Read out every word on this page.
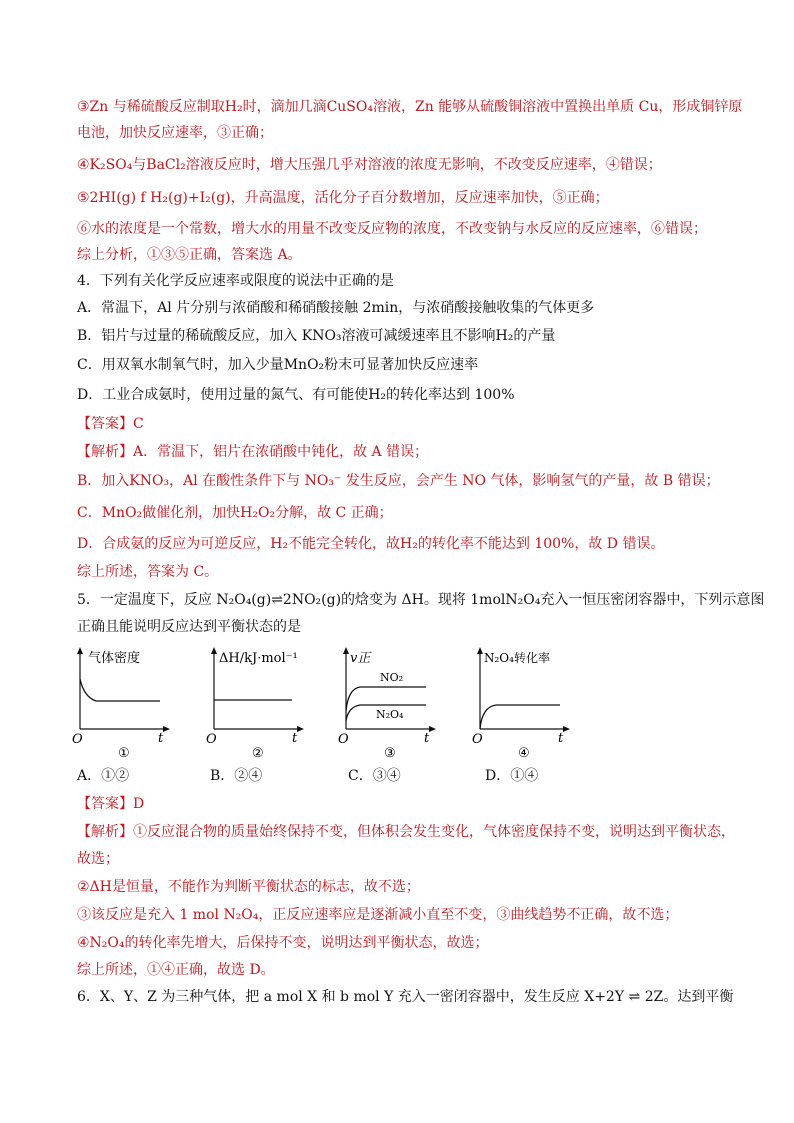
③Zn 与稀硫酸反应制取H₂时，滴加几滴CuSO₄溶液，Zn 能够从硫酸铜溶液中置换出单质 Cu，形成铜锌原
电池，加快反应速率，③正确；
④K₂SO₄与BaCl₂溶液反应时，增大压强几乎对溶液的浓度无影响，不改变反应速率，④错误；
⑤2HI(g) f H₂(g)+I₂(g)，升高温度，活化分子百分数增加，反应速率加快，⑤正确；
⑥水的浓度是一个常数，增大水的用量不改变反应物的浓度，不改变钠与水反应的反应速率，⑥错误；
综上分析，①③⑤正确，答案选 A。
4．下列有关化学反应速率或限度的说法中正确的是
A．常温下，Al 片分别与浓硝酸和稀硝酸接触 2min，与浓硝酸接触收集的气体更多
B．铝片与过量的稀硫酸反应，加入 KNO₃溶液可减缓速率且不影响H₂的产量
C．用双氧水制氧气时，加入少量MnO₂粉末可显著加快反应速率
D．工业合成氨时，使用过量的氮气、有可能使H₂的转化率达到 100%
【答案】C
【解析】A．常温下，铝片在浓硝酸中钝化，故 A 错误；
B．加入KNO₃，Al 在酸性条件下与 NO₃⁻ 发生反应，会产生 NO 气体，影响氢气的产量，故 B 错误；
C．MnO₂做催化剂，加快H₂O₂分解，故 C 正确；
D．合成氨的反应为可逆反应，H₂不能完全转化，故H₂的转化率不能达到 100%，故 D 错误。
综上所述，答案为 C。
5．一定温度下，反应 N₂O₄(g)⇌2NO₂(g)的焓变为 ΔH。现将 1molN₂O₄充入一恒压密闭容器中，下列示意图
正确且能说明反应达到平衡状态的是
气体密度
O	t
①
ΔH/kJ·mol⁻¹
O	t
②
v正
NO₂
N₂O₄
O	t
③
N₂O₄转化率
O	t
④
A．①②	B．②④	C．③④	D．①④
【答案】D
【解析】①反应混合物的质量始终保持不变，但体积会发生变化，气体密度保持不变，说明达到平衡状态，
故选；
②ΔH是恒量，不能作为判断平衡状态的标志，故不选；
③该反应是充入 1 mol N₂O₄，正反应速率应是逐渐减小直至不变，③曲线趋势不正确，故不选；
④N₂O₄的转化率先增大，后保持不变，说明达到平衡状态，故选；
综上所述，①④正确，故选 D。
6．X、Y、Z 为三种气体，把 a mol X 和 b mol Y 充入一密闭容器中，发生反应 X+2Y ⇌ 2Z。达到平衡
